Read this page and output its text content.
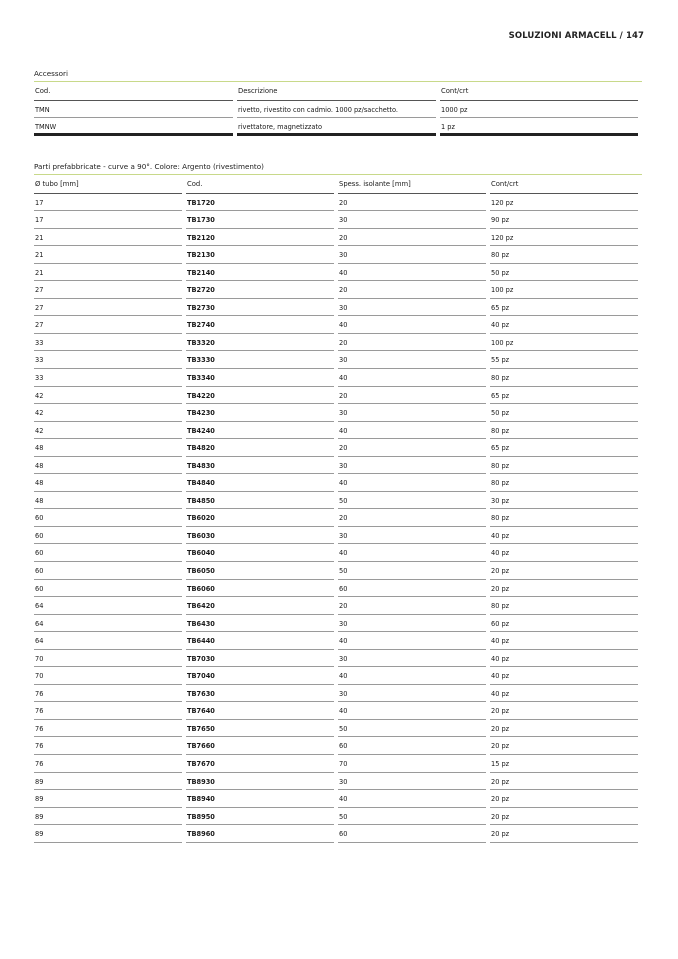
SOLUZIONI ARMACELL / 147
Accessori
Cod.	Descrizione	Cont/crt
TMN	rivetto, rivestito con cadmio. 1000 pz/sacchetto.	1000 pz
TMNW	rivettatore, magnetizzato	1 pz
Parti prefabbricate - curve a 90°. Colore: Argento (rivestimento)
Ø tubo [mm]	Cod.	Spess. isolante [mm]	Cont/crt
17	TB1720	20	120 pz
17	TB1730	30	90 pz
21	TB2120	20	120 pz
21	TB2130	30	80 pz
21	TB2140	40	50 pz
27	TB2720	20	100 pz
27	TB2730	30	65 pz
27	TB2740	40	40 pz
33	TB3320	20	100 pz
33	TB3330	30	55 pz
33	TB3340	40	80 pz
42	TB4220	20	65 pz
42	TB4230	30	50 pz
42	TB4240	40	80 pz
48	TB4820	20	65 pz
48	TB4830	30	80 pz
48	TB4840	40	80 pz
48	TB4850	50	30 pz
60	TB6020	20	80 pz
60	TB6030	30	40 pz
60	TB6040	40	40 pz
60	TB6050	50	20 pz
60	TB6060	60	20 pz
64	TB6420	20	80 pz
64	TB6430	30	60 pz
64	TB6440	40	40 pz
70	TB7030	30	40 pz
70	TB7040	40	40 pz
76	TB7630	30	40 pz
76	TB7640	40	20 pz
76	TB7650	50	20 pz
76	TB7660	60	20 pz
76	TB7670	70	15 pz
89	TB8930	30	20 pz
89	TB8940	40	20 pz
89	TB8950	50	20 pz
89	TB8960	60	20 pz
